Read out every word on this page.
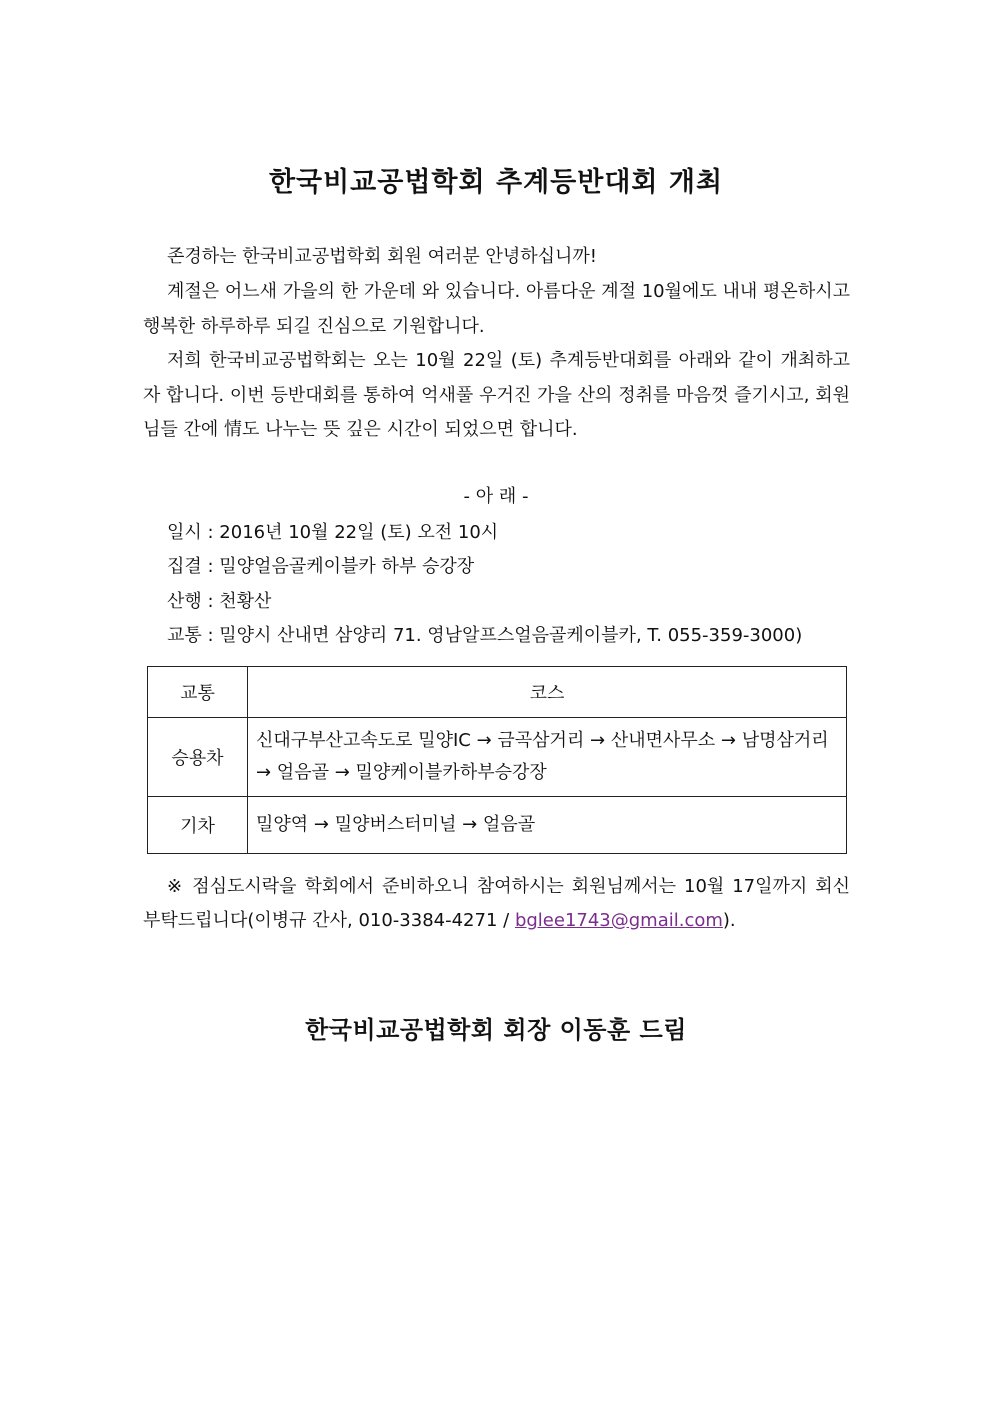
한국비교공법학회 추계등반대회 개최

존경하는 한국비교공법학회 회원 여러분 안녕하십니까!

계절은 어느새 가을의 한 가운데 와 있습니다. 아름다운 계절 10월에도 내내 평온하시고 행복한 하루하루 되길 진심으로 기원합니다.

저희 한국비교공법학회는 오는 10월 22일 (토) 추계등반대회를 아래와 같이 개최하고자 합니다. 이번 등반대회를 통하여 억새풀 우거진 가을 산의 정취를 마음껏 즐기시고, 회원님들 간에 情도 나누는 뜻 깊은 시간이 되었으면 합니다.

- 아 래 -
일시 : 2016년 10월 22일 (토) 오전 10시
집결 : 밀양얼음골케이블카 하부 승강장
산행 : 천황산
교통 : 밀양시 산내면 삼양리 71. 영남알프스얼음골케이블카, T. 055-359-3000)
교통	코스
승용차	신대구부산고속도로 밀양IC → 금곡삼거리 → 산내면사무소 → 남명삼거리 → 얼음골 → 밀양케이블카하부승강장
기차	밀양역 → 밀양버스터미널 → 얼음골

※ 점심도시락을 학회에서 준비하오니 참여하시는 회원님께서는 10월 17일까지 회신 부탁드립니다(이병규 간사, 010-3384-4271 / bglee1743@gmail.com).

한국비교공법학회 회장 이동훈 드림
